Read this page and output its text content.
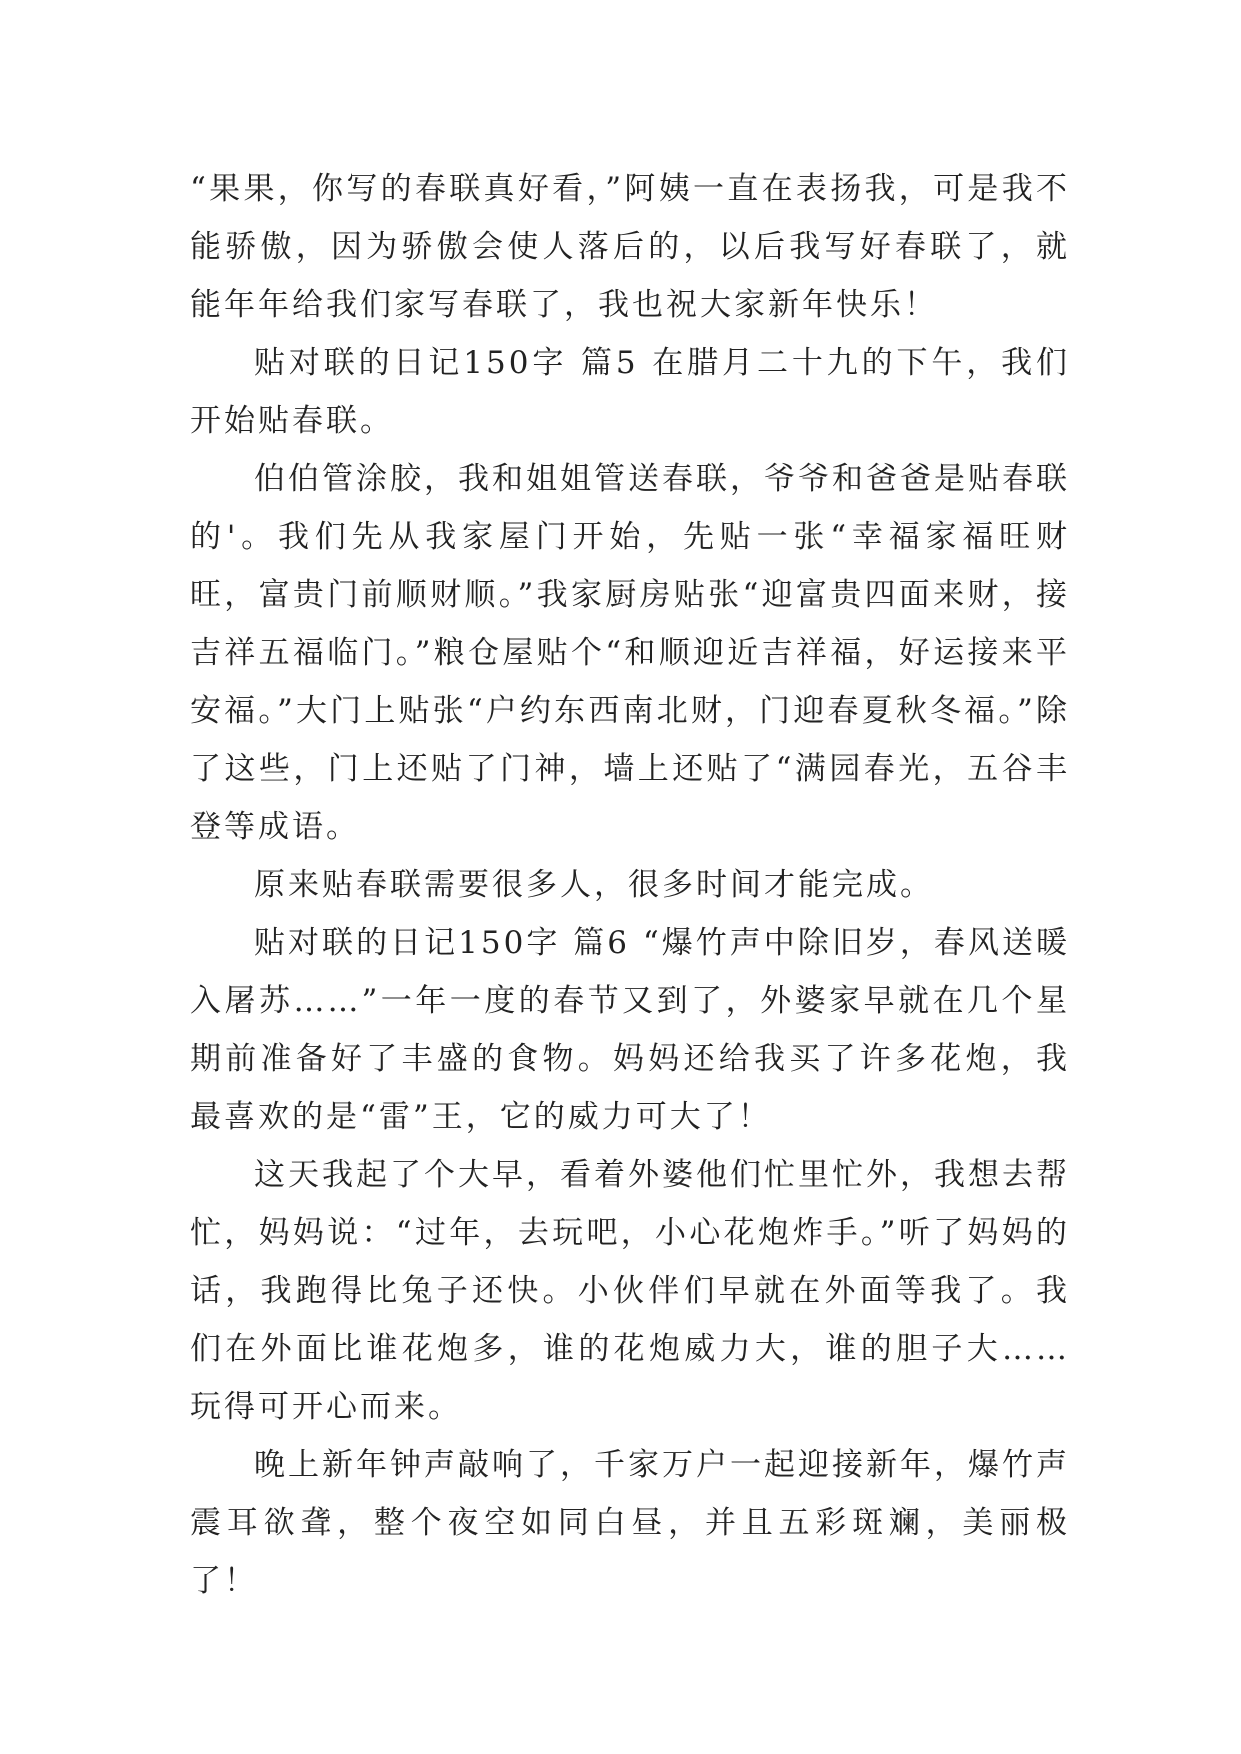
“果果，你写的春联真好看，”阿姨一直在表扬我，可是我不能骄傲，因为骄傲会使人落后的，以后我写好春联了，就能年年给我们家写春联了，我也祝大家新年快乐！

贴对联的日记150字 篇5 在腊月二十九的下午，我们开始贴春联。

伯伯管涂胶，我和姐姐管送春联，爷爷和爸爸是贴春联的'。我们先从我家屋门开始，先贴一张“幸福家福旺财旺，富贵门前顺财顺。”我家厨房贴张“迎富贵四面来财，接吉祥五福临门。”粮仓屋贴个“和顺迎近吉祥福，好运接来平安福。”大门上贴张“户约东西南北财，门迎春夏秋冬福。”除了这些，门上还贴了门神，墙上还贴了“满园春光，五谷丰登等成语。

原来贴春联需要很多人，很多时间才能完成。

贴对联的日记150字 篇6 “爆竹声中除旧岁，春风送暖入屠苏……”一年一度的春节又到了，外婆家早就在几个星期前准备好了丰盛的食物。妈妈还给我买了许多花炮，我最喜欢的是“雷”王，它的威力可大了！

这天我起了个大早，看着外婆他们忙里忙外，我想去帮忙，妈妈说：“过年，去玩吧，小心花炮炸手。”听了妈妈的话，我跑得比兔子还快。小伙伴们早就在外面等我了。我们在外面比谁花炮多，谁的花炮威力大，谁的胆子大……玩得可开心而来。

晚上新年钟声敲响了，千家万户一起迎接新年，爆竹声震耳欲聋，整个夜空如同白昼，并且五彩斑斓，美丽极了！
